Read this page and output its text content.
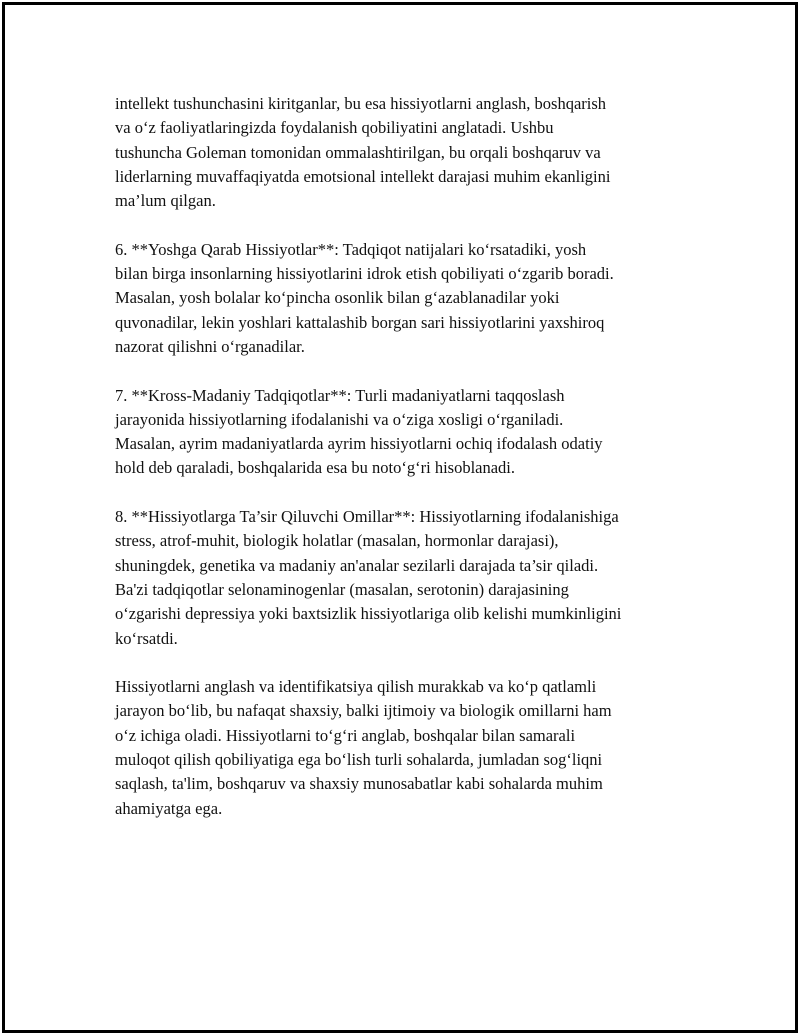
intellekt tushunchasini kiritganlar, bu esa hissiyotlarni anglash, boshqarish
va o‘z faoliyatlaringizda foydalanish qobiliyatini anglatadi. Ushbu
tushuncha Goleman tomonidan ommalashtirilgan, bu orqali boshqaruv va
liderlarning muvaffaqiyatda emotsional intellekt darajasi muhim ekanligini
ma’lum qilgan.

6. **Yoshga Qarab Hissiyotlar**: Tadqiqot natijalari ko‘rsatadiki, yosh
bilan birga insonlarning hissiyotlarini idrok etish qobiliyati o‘zgarib boradi.
Masalan, yosh bolalar ko‘pincha osonlik bilan g‘azablanadilar yoki
quvonadilar, lekin yoshlari kattalashib borgan sari hissiyotlarini yaxshiroq
nazorat qilishni o‘rganadilar.

7. **Kross-Madaniy Tadqiqotlar**: Turli madaniyatlarni taqqoslash
jarayonida hissiyotlarning ifodalanishi va o‘ziga xosligi o‘rganiladi.
Masalan, ayrim madaniyatlarda ayrim hissiyotlarni ochiq ifodalash odatiy
hold deb qaraladi, boshqalarida esa bu noto‘g‘ri hisoblanadi.

8. **Hissiyotlarga Ta’sir Qiluvchi Omillar**: Hissiyotlarning ifodalanishiga
stress, atrof-muhit, biologik holatlar (masalan, hormonlar darajasi),
shuningdek, genetika va madaniy an'analar sezilarli darajada ta’sir qiladi.
Ba'zi tadqiqotlar selonaminogenlar (masalan, serotonin) darajasining
o‘zgarishi depressiya yoki baxtsizlik hissiyotlariga olib kelishi mumkinligini
ko‘rsatdi.

Hissiyotlarni anglash va identifikatsiya qilish murakkab va ko‘p qatlamli
jarayon bo‘lib, bu nafaqat shaxsiy, balki ijtimoiy va biologik omillarni ham
o‘z ichiga oladi. Hissiyotlarni to‘g‘ri anglab, boshqalar bilan samarali
muloqot qilish qobiliyatiga ega bo‘lish turli sohalarda, jumladan sog‘liqni
saqlash, ta'lim, boshqaruv va shaxsiy munosabatlar kabi sohalarda muhim
ahamiyatga ega.
